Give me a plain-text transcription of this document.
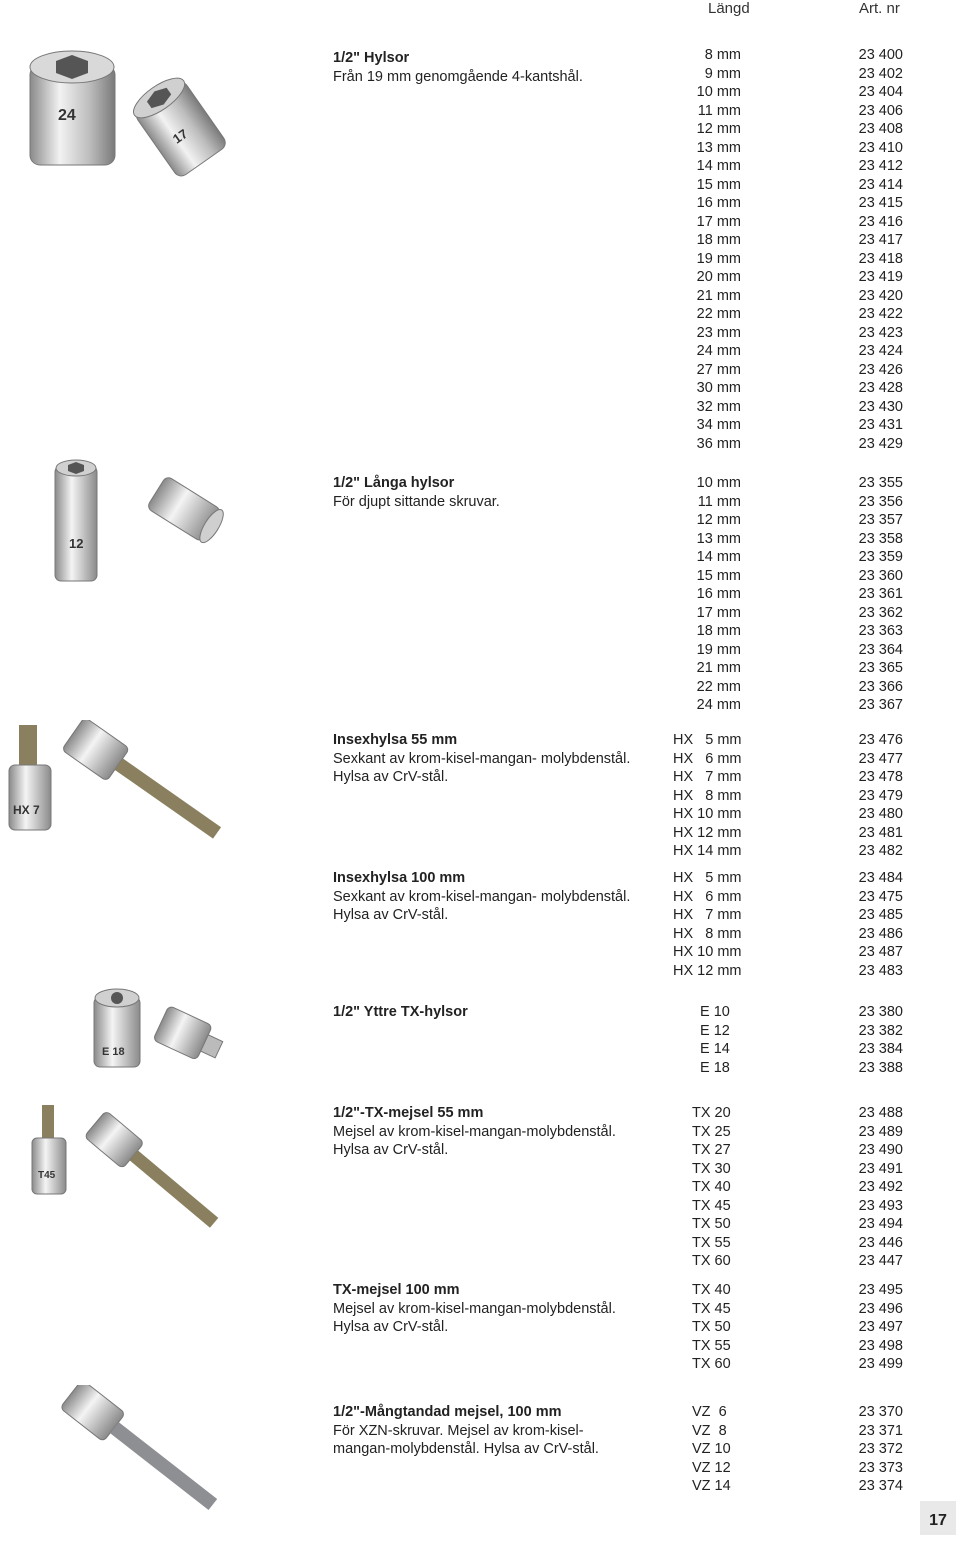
Längd	Art. nr
24
17
1/2" Hylsor
Från 19 mm genomgående 4-kantshål.
8 mm
9 mm
10 mm
11 mm
12 mm
13 mm
14 mm
15 mm
16 mm
17 mm
18 mm
19 mm
20 mm
21 mm
22 mm
23 mm
24 mm
27 mm
30 mm
32 mm
34 mm
36 mm
23 400
23 402
23 404
23 406
23 408
23 410
23 412
23 414
23 415
23 416
23 417
23 418
23 419
23 420
23 422
23 423
23 424
23 426
23 428
23 430
23 431
23 429
12
1/2" Långa hylsor
För djupt sittande skruvar.
10 mm
11 mm
12 mm
13 mm
14 mm
15 mm
16 mm
17 mm
18 mm
19 mm
21 mm
22 mm
24 mm
23 355
23 356
23 357
23 358
23 359
23 360
23 361
23 362
23 363
23 364
23 365
23 366
23 367
HX 7
Insexhylsa 55 mm
Sexkant av krom-kisel-mangan- molybdenstål.
Hylsa av CrV-stål.
HX   5 mm
HX   6 mm
HX   7 mm
HX   8 mm
HX 10 mm
HX 12 mm
HX 14 mm
23 476
23 477
23 478
23 479
23 480
23 481
23 482
Insexhylsa 100 mm
Sexkant av krom-kisel-mangan- molybdenstål.
Hylsa av CrV-stål.
HX   5 mm
HX   6 mm
HX   7 mm
HX   8 mm
HX 10 mm
HX 12 mm
23 484
23 475
23 485
23 486
23 487
23 483
E 18
1/2" Yttre TX-hylsor	E 10
E 12
E 14
E 18
23 380
23 382
23 384
23 388
T45
1/2"-TX-mejsel 55 mm
Mejsel av krom-kisel-mangan-molybdenstål.
Hylsa av CrV-stål.
TX 20
TX 25
TX 27
TX 30
TX 40
TX 45
TX 50
TX 55
TX 60
23 488
23 489
23 490
23 491
23 492
23 493
23 494
23 446
23 447
TX-mejsel 100 mm
Mejsel av krom-kisel-mangan-molybdenstål.
Hylsa av CrV-stål.
TX 40
TX 45
TX 50
TX 55
TX 60
23 495
23 496
23 497
23 498
23 499
1/2"-Mångtandad mejsel, 100 mm
För XZN-skruvar. Mejsel av krom-kisel-
mangan-molybdenstål. Hylsa av CrV-stål.
VZ  6
VZ  8
VZ 10
VZ 12
VZ 14
23 370
23 371
23 372
23 373
23 374
17
